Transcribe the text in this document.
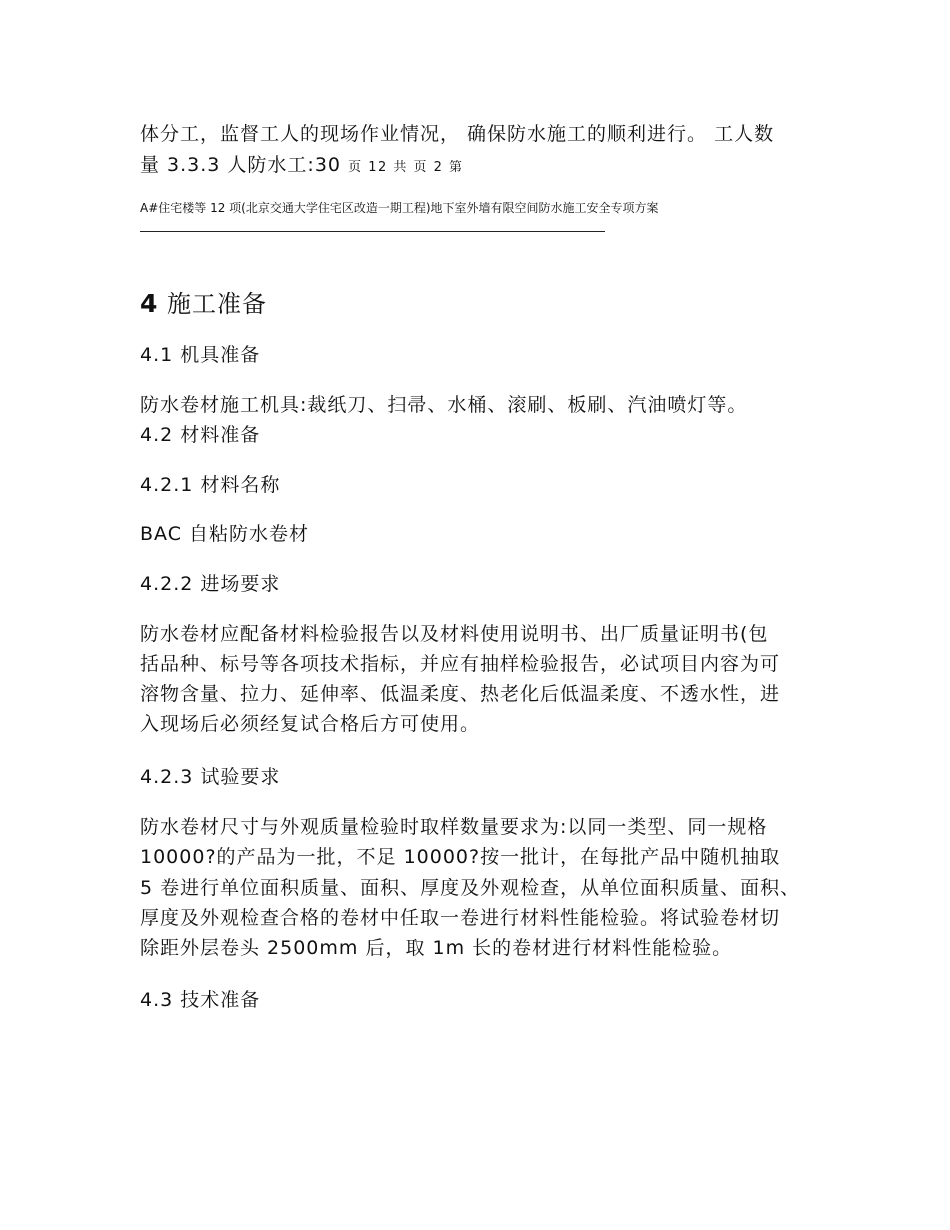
体分工，监督工人的现场作业情况， 确保防水施工的顺利进行。 工人数
量 3.3.3 人防水工:30 页 12 共 页 2 第
A#住宅楼等 12 项(北京交通大学住宅区改造一期工程)地下室外墙有限空间防水施工安全专项方案
4 施工准备
4.1 机具准备
防水卷材施工机具:裁纸刀、扫帚、水桶、滚刷、板刷、汽油喷灯等。
4.2 材料准备
4.2.1 材料名称
BAC 自粘防水卷材
4.2.2 进场要求
防水卷材应配备材料检验报告以及材料使用说明书、出厂质量证明书(包
括品种、标号等各项技术指标，并应有抽样检验报告，必试项目内容为可
溶物含量、拉力、延伸率、低温柔度、热老化后低温柔度、不透水性，进
入现场后必须经复试合格后方可使用。
4.2.3 试验要求
防水卷材尺寸与外观质量检验时取样数量要求为:以同一类型、同一规格
10000?的产品为一批，不足 10000?按一批计，在每批产品中随机抽取
5 卷进行单位面积质量、面积、厚度及外观检查，从单位面积质量、面积、
厚度及外观检查合格的卷材中任取一卷进行材料性能检验。将试验卷材切
除距外层卷头 2500mm 后，取 1m 长的卷材进行材料性能检验。
4.3 技术准备
